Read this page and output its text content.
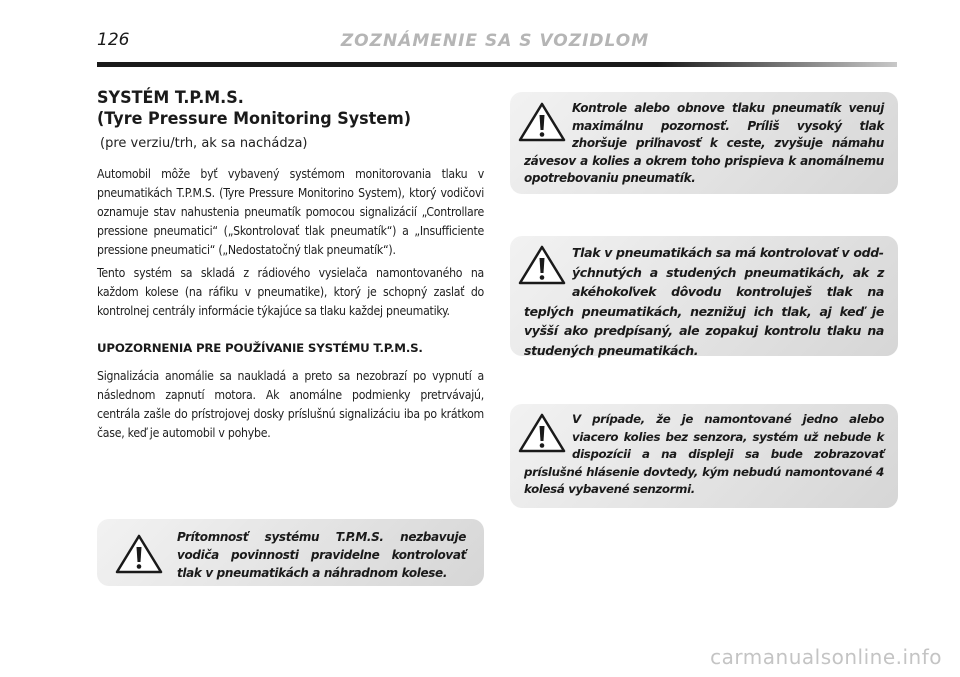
126	ZOZNÁMENIE SA S VOZIDLOM
SYSTÉM T.P.M.S.
(Tyre Pressure Monitoring System)

(pre verziu/trh, ak sa nachádza)

Automobil môže byť vybavený systémom monitorovania tlaku v pneumatikách T.P.M.S. (Tyre Pressure Monitorino System), ktorý vodičovi oznamuje stav nahustenia pneumatík pomocou signalizácií „Controllare pressione pneumatici“ („Skontrolovať tlak pneumatík“) a „Insufficiente pressione pneumatici“ („Nedostatočný tlak pneumatík“).

Tento systém sa skladá z rádiového vysielača namontovaného na každom kolese (na ráfiku v pneumatike), ktorý je schopný zaslať do kontrolnej centrály informácie týkajúce sa tlaku každej pneumatiky.

UPOZORNENIA PRE POUŽÍVANIE SYSTÉMU T.P.M.S.

Signalizácia anomálie sa naukladá a preto sa nezobrazí po vypnutí a následnom zapnutí motora. Ak anomálne podmienky pretrvávajú, centrála zašle do prístrojovej dosky príslušnú signalizáciu iba po krátkom čase, keď je automobil v pohybe.

Kontrole alebo obnove tlaku pneumatík venuj maximálnu pozornosť. Príliš vysoký tlak zhoršuje priľnavosť k ceste, zvyšuje námahu závesov a kolies a okrem toho prispieva k anomálnemu opotrebovaniu pneumatík.
Tlak v pneumatikách sa má kontrolovať v oddýchnutých a studených pneumatikách, ak z akéhokoľvek dôvodu kontroluješ tlak na teplých pneumatikách, neznižuj ich tlak, aj keď je vyšší ako predpísaný, ale zopakuj kontrolu tlaku na studených pneumatikách.
V prípade, že je namontované jedno alebo viacero kolies bez senzora, systém už nebude k dispozícii a na displeji sa bude zobrazovať príslušné hlásenie dovtedy, kým nebudú namontované 4 kolesá vybavené senzormi.
Prítomnosť systému T.P.M.S. nezbavuje vodiča povinnosti pravidelne kontrolovať tlak v pneumatikách a náhradnom kolese.
carmanualsonline.info
